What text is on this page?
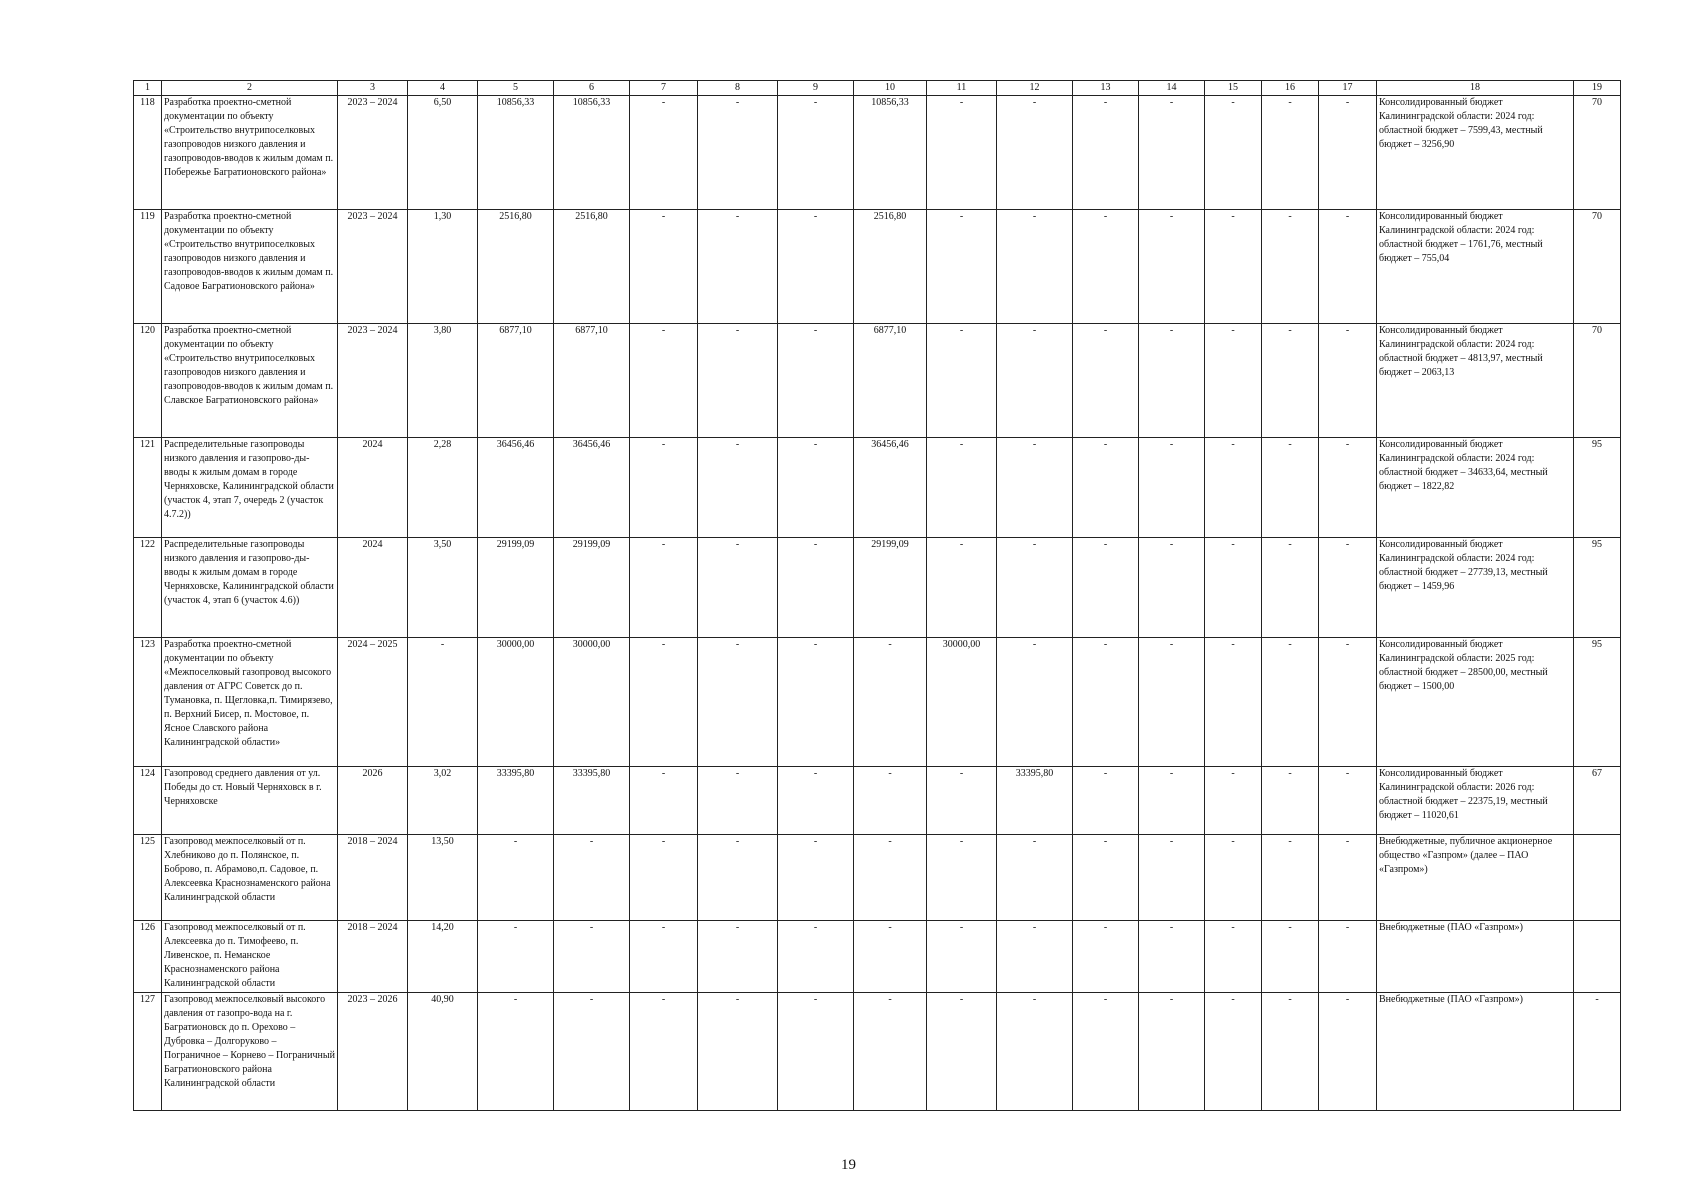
1	2	3	4	5	6	7	8	9	10	11	12	13	14	15	16	17	18	19
118	Разработка проектно-сметной документации по объекту «Строительство внутрипоселковых газопроводов низкого давления и газопроводов-вводов к жилым домам п. Побережье Багратионовского района»	2023 – 2024	6,50	10856,33	10856,33	-	-	-	10856,33	-	-	-	-	-	-	-	Консолидированный бюджет Калининградской области: 2024 год: областной бюджет – 7599,43, местный бюджет – 3256,90	70
119	Разработка проектно-сметной документации по объекту «Строительство внутрипоселковых газопроводов низкого давления и газопроводов-вводов к жилым домам п. Садовое Багратионовского района»	2023 – 2024	1,30	2516,80	2516,80	-	-	-	2516,80	-	-	-	-	-	-	-	Консолидированный бюджет Калининградской области: 2024 год: областной бюджет – 1761,76, местный бюджет – 755,04	70
120	Разработка проектно-сметной документации по объекту «Строительство внутрипоселковых газопроводов низкого давления и газопроводов-вводов к жилым домам п. Славское Багратионовского района»	2023 – 2024	3,80	6877,10	6877,10	-	-	-	6877,10	-	-	-	-	-	-	-	Консолидированный бюджет Калининградской области: 2024 год: областной бюджет – 4813,97, местный бюджет – 2063,13	70
121	Распределительные газопроводы низкого давления и газопрово-ды-вводы к жилым домам в городе Черняховске, Калининградской области (участок 4, этап 7, очередь 2 (участок 4.7.2))	2024	2,28	36456,46	36456,46	-	-	-	36456,46	-	-	-	-	-	-	-	Консолидированный бюджет Калининградской области: 2024 год: областной бюджет – 34633,64, местный бюджет – 1822,82	95
122	Распределительные газопроводы низкого давления и газопрово-ды-вводы к жилым домам в городе Черняховске, Калининградской области (участок 4, этап 6 (участок 4.6))	2024	3,50	29199,09	29199,09	-	-	-	29199,09	-	-	-	-	-	-	-	Консолидированный бюджет Калининградской области: 2024 год: областной бюджет – 27739,13, местный бюджет – 1459,96	95
123	Разработка проектно-сметной документации по объекту «Межпоселковый газопровод высокого давления от АГРС Советск до п. Тумановка, п. Щегловка,п. Тимирязево, п. Верхний Бисер, п. Мостовое, п. Ясное Славского района Калининградской области»	2024 – 2025	-	30000,00	30000,00	-	-	-	-	30000,00	-	-	-	-	-	-	Консолидированный бюджет Калининградской области: 2025 год: областной бюджет – 28500,00, местный бюджет – 1500,00	95
124	Газопровод среднего давления от ул. Победы до ст. Новый Черняховск в г. Черняховске	2026	3,02	33395,80	33395,80	-	-	-	-	-	33395,80	-	-	-	-	-	Консолидированный бюджет Калининградской области: 2026 год: областной бюджет – 22375,19, местный бюджет – 11020,61	67
125	Газопровод межпоселковый от п. Хлебниково до п. Полянское, п. Боброво, п. Абрамово,п. Садовое, п. Алексеевка Краснознаменского района Калининградской области	2018 – 2024	13,50	-	-	-	-	-	-	-	-	-	-	-	-	-	Внебюджетные, публичное акционерное общество «Газпром» (далее – ПАО «Газпром»)	
126	Газопровод межпоселковый от п. Алексеевка до п. Тимофеево, п. Ливенское, п. Неманское Краснознаменского района Калининградской области	2018 – 2024	14,20	-	-	-	-	-	-	-	-	-	-	-	-	-	Внебюджетные (ПАО «Газпром»)	
127	Газопровод межпоселковый высокого давления от газопро-вода на г. Багратионовск до п. Орехово – Дубровка – Долгоруково – Пограничное – Корнево – Пограничный Багратионовского района Калининградской области	2023 – 2026	40,90	-	-	-	-	-	-	-	-	-	-	-	-	-	Внебюджетные (ПАО «Газпром»)	-
19
